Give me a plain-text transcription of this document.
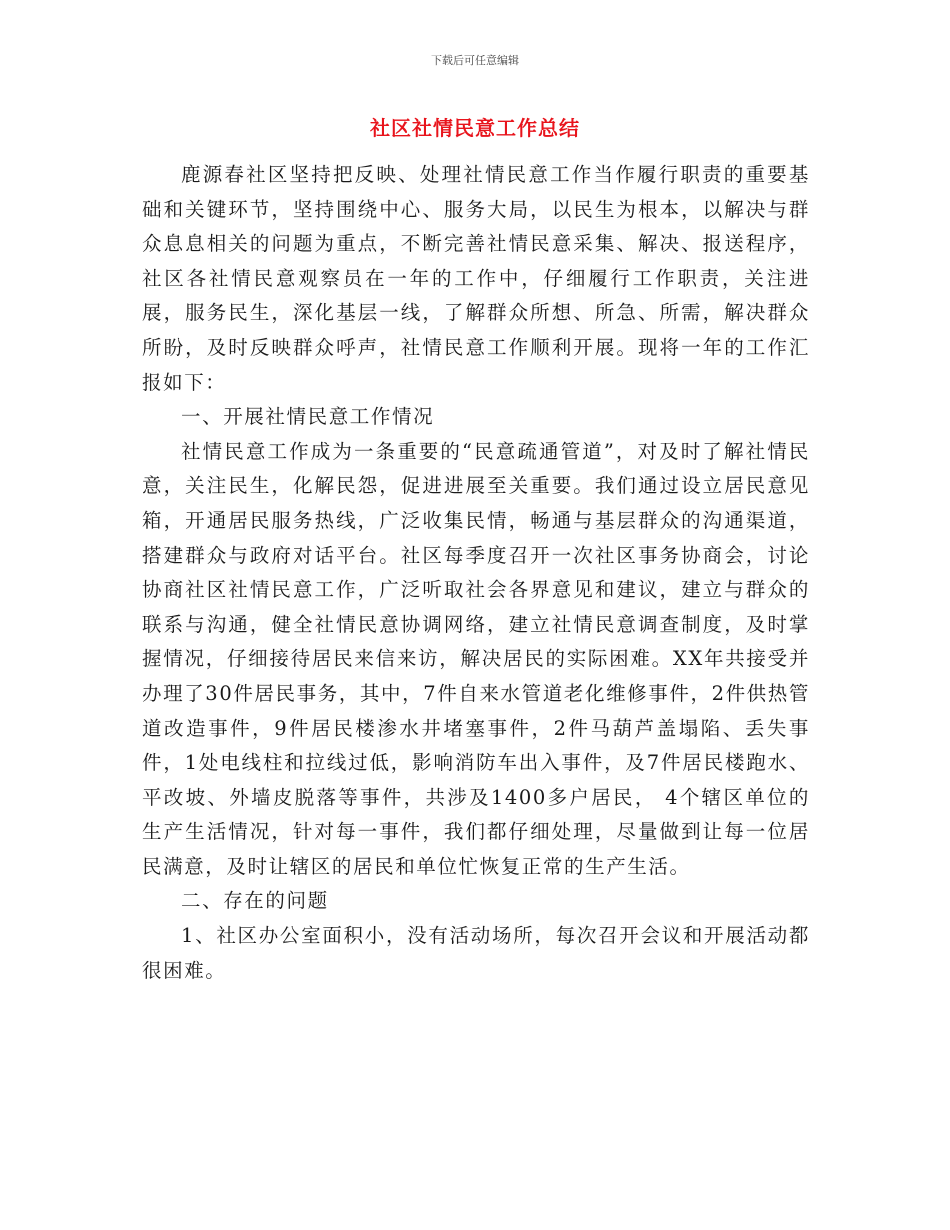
下载后可任意编辑
社区社情民意工作总结

鹿源春社区坚持把反映、处理社情民意工作当作履行职责的重要基础和关键环节，坚持围绕中心、服务大局，以民生为根本，以解决与群众息息相关的问题为重点，不断完善社情民意采集、解决、报送程序，社区各社情民意观察员在一年的工作中，仔细履行工作职责，关注进展，服务民生，深化基层一线，了解群众所想、所急、所需，解决群众所盼，及时反映群众呼声，社情民意工作顺利开展。现将一年的工作汇报如下：

一、开展社情民意工作情况

社情民意工作成为一条重要的“民意疏通管道”，对及时了解社情民意，关注民生，化解民怨，促进进展至关重要。我们通过设立居民意见箱，开通居民服务热线，广泛收集民情，畅通与基层群众的沟通渠道，搭建群众与政府对话平台。社区每季度召开一次社区事务协商会，讨论协商社区社情民意工作，广泛听取社会各界意见和建议，建立与群众的联系与沟通，健全社情民意协调网络，建立社情民意调查制度，及时掌握情况，仔细接待居民来信来访，解决居民的实际困难。XX年共接受并办理了30件居民事务，其中，7件自来水管道老化维修事件，2件供热管道改造事件，9件居民楼渗水井堵塞事件，2件马葫芦盖塌陷、丢失事件，1处电线柱和拉线过低，影响消防车出入事件，及7件居民楼跑水、平改坡、外墙皮脱落等事件，共涉及1400多户居民， 4个辖区单位的生产生活情况，针对每一事件，我们都仔细处理，尽量做到让每一位居民满意，及时让辖区的居民和单位忙恢复正常的生产生活。

二、存在的问题

1、社区办公室面积小，没有活动场所，每次召开会议和开展活动都很困难。
